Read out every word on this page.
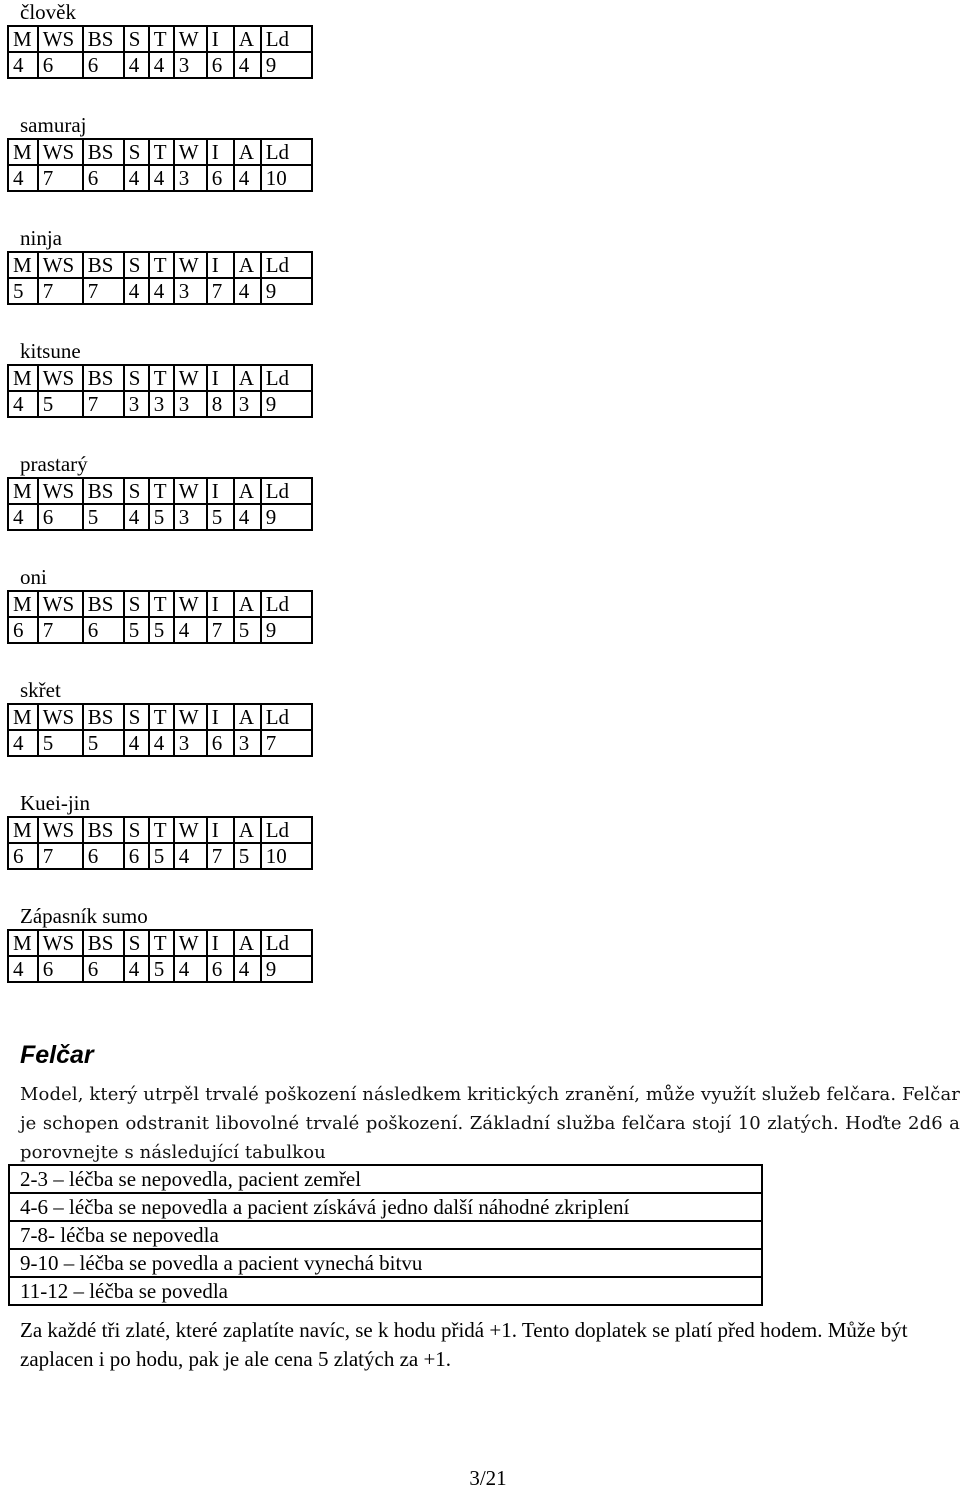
člověk
M	WS	BS	S	T	W	I	A	Ld
4	6	6	4	4	3	6	4	9
samuraj
M	WS	BS	S	T	W	I	A	Ld
4	7	6	4	4	3	6	4	10
ninja
M	WS	BS	S	T	W	I	A	Ld
5	7	7	4	4	3	7	4	9
kitsune
M	WS	BS	S	T	W	I	A	Ld
4	5	7	3	3	3	8	3	9
prastarý
M	WS	BS	S	T	W	I	A	Ld
4	6	5	4	5	3	5	4	9
oni
M	WS	BS	S	T	W	I	A	Ld
6	7	6	5	5	4	7	5	9
skřet
M	WS	BS	S	T	W	I	A	Ld
4	5	5	4	4	3	6	3	7
Kuei-jin
M	WS	BS	S	T	W	I	A	Ld
6	7	6	6	5	4	7	5	10
Zápasník sumo
M	WS	BS	S	T	W	I	A	Ld
4	6	6	4	5	4	6	4	9
Felčar
Model, který utrpěl trvalé poškození následkem kritických zranění, může využít služeb felčara. Felčar je schopen odstranit libovolné trvalé poškození. Základní služba felčara stojí 10 zlatých. Hoďte 2d6 a porovnejte s následující tabulkou
2-3 – léčba se nepovedla, pacient zemřel
4-6 – léčba se nepovedla a pacient získává jedno další náhodné zkriplení
7-8- léčba se nepovedla
9-10 – léčba se povedla a pacient vynechá bitvu
11-12 – léčba se povedla
Za každé tři zlaté, které zaplatíte navíc, se k hodu přidá +1. Tento doplatek se platí před hodem. Může být zaplacen i po hodu, pak je ale cena 5 zlatých za +1.
3/21
